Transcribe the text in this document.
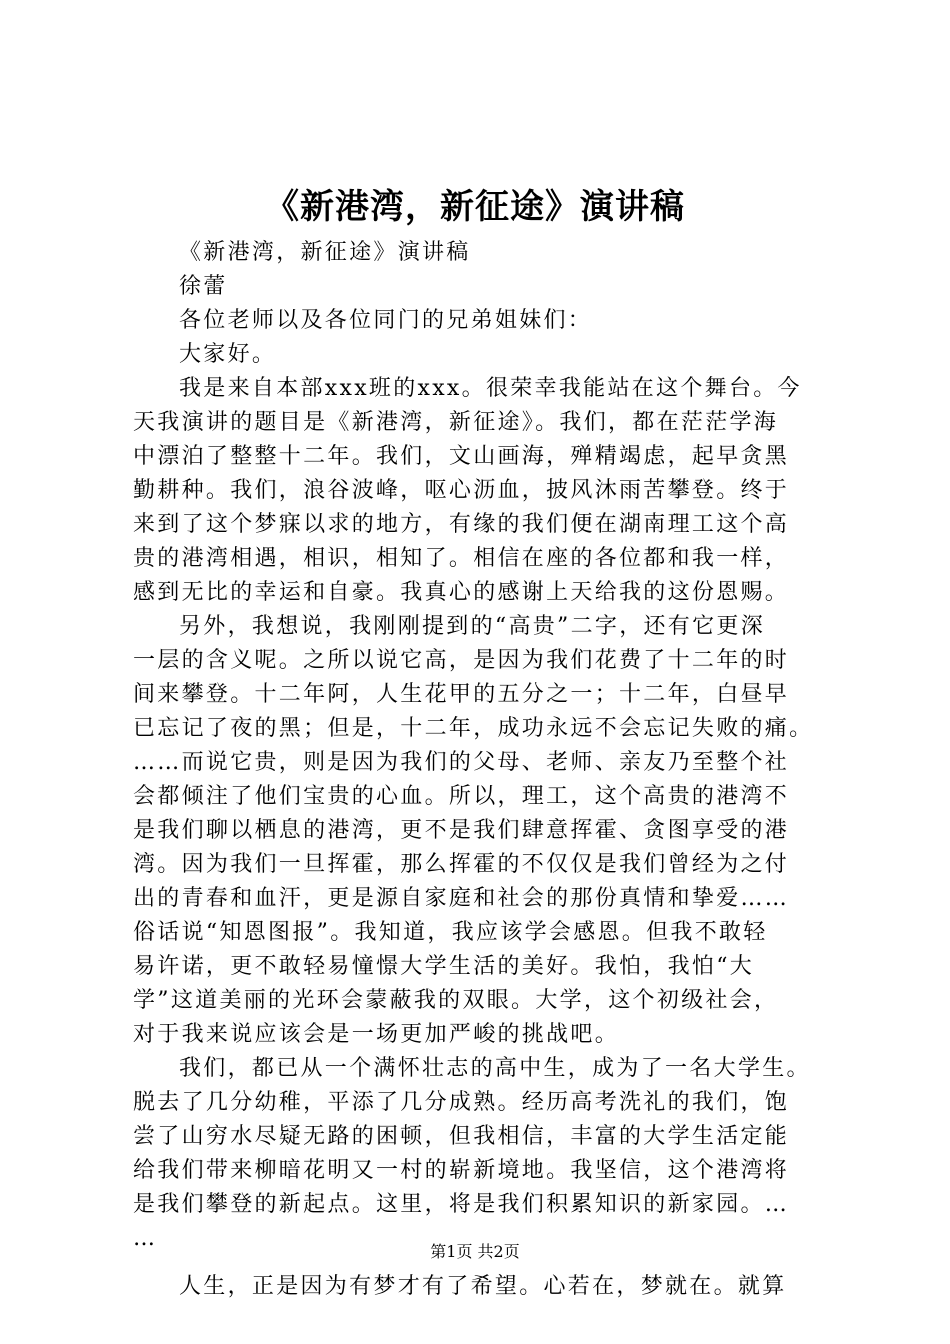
《新港湾，新征途》演讲稿
《新港湾，新征途》演讲稿
徐蕾
各位老师以及各位同门的兄弟姐妹们：
大家好。
我是来自本部xxx班的xxx。很荣幸我能站在这个舞台。今
天我演讲的题目是《新港湾，新征途》。我们，都在茫茫学海
中漂泊了整整十二年。我们，文山画海，殚精竭虑，起早贪黑
勤耕种。我们，浪谷波峰，呕心沥血，披风沐雨苦攀登。终于
来到了这个梦寐以求的地方，有缘的我们便在湖南理工这个高
贵的港湾相遇，相识，相知了。相信在座的各位都和我一样，
感到无比的幸运和自豪。我真心的感谢上天给我的这份恩赐。
另外，我想说，我刚刚提到的“高贵”二字，还有它更深
一层的含义呢。之所以说它高，是因为我们花费了十二年的时
间来攀登。十二年阿，人生花甲的五分之一；十二年，白昼早
已忘记了夜的黑；但是，十二年，成功永远不会忘记失败的痛。
……而说它贵，则是因为我们的父母、老师、亲友乃至整个社
会都倾注了他们宝贵的心血。所以，理工，这个高贵的港湾不
是我们聊以栖息的港湾，更不是我们肆意挥霍、贪图享受的港
湾。因为我们一旦挥霍，那么挥霍的不仅仅是我们曾经为之付
出的青春和血汗，更是源自家庭和社会的那份真情和挚爱……
俗话说“知恩图报”。我知道，我应该学会感恩。但我不敢轻
易许诺，更不敢轻易憧憬大学生活的美好。我怕，我怕“大
学”这道美丽的光环会蒙蔽我的双眼。大学，这个初级社会，
对于我来说应该会是一场更加严峻的挑战吧。
我们，都已从一个满怀壮志的高中生，成为了一名大学生。
脱去了几分幼稚，平添了几分成熟。经历高考洗礼的我们，饱
尝了山穷水尽疑无路的困顿，但我相信，丰富的大学生活定能
给我们带来柳暗花明又一村的崭新境地。我坚信，这个港湾将
是我们攀登的新起点。这里，将是我们积累知识的新家园。…
…
人生，正是因为有梦才有了希望。心若在，梦就在。就算
第1页 共2页
